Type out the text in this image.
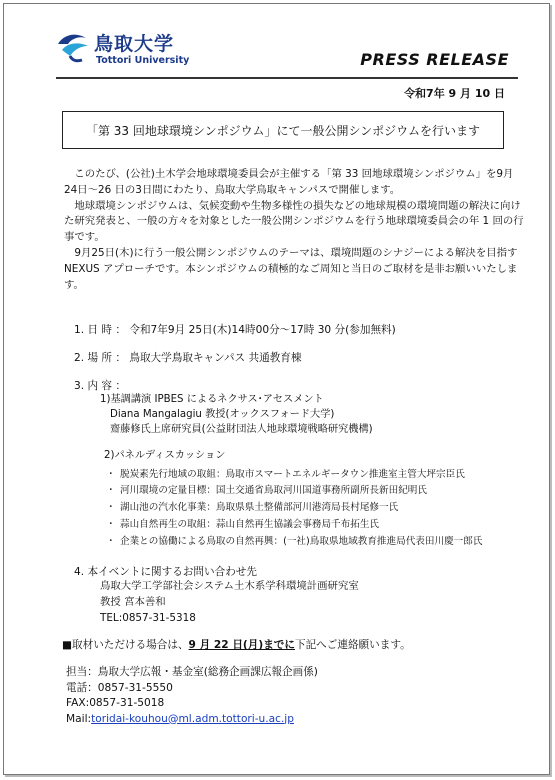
鳥取大学
Tottori University	PRESS RELEASE
令和7年 9 月 10 日
「第 33 回地球環境シンポジウム」にて一般公開シンポジウムを行います

このたび、(公社)土木学会地球環境委員会が主催する「第 33 回地球環境シンポジウム」を9月24日～26 日の3日間にわたり、鳥取大学鳥取キャンパスで開催します。

地球環境シンポジウムは、気候変動や生物多様性の損失などの地球規模の環境問題の解決に向けた研究発表と、一般の方々を対象とした一般公開シンポジウムを行う地球環境委員会の年 1 回の行事です。

9月25日(木)に行う一般公開シンポジウムのテーマは、環境問題のシナジーによる解決を目指す NEXUS アプローチです。本シンポジウムの積極的なご周知と当日のご取材を是非お願いいたします。

1. 日 時 ： 令和7年9月 25日(木)14時00分～17時 30 分(参加無料)
2. 場 所 ： 鳥取大学鳥取キャンパス 共通教育棟
3. 内 容 ：
1)基調講演 IPBES によるネクサス･アセスメント
Diana Mangalagiu 教授(オックスフォード大学)
齋藤修氏上席研究員(公益財団法人地球環境戦略研究機構)
2)パネルディスカッション
・ 脱炭素先行地域の取組：鳥取市スマートエネルギータウン推進室主管大坪宗臣氏
・ 河川環境の定量目標：国土交通省鳥取河川国道事務所副所長新田紀明氏
・ 湖山池の汽水化事業：鳥取県県土整備部河川港湾局長村尾修一氏
・ 蒜山自然再生の取組：蒜山自然再生協議会事務局千布拓生氏
・ 企業との協働による鳥取の自然再興：(一社)鳥取県地域教育推進局代表田川慶一郎氏
4. 本イベントに関するお問い合わせ先
鳥取大学工学部社会システム土木系学科環境計画研究室
教授 宮本善和
TEL:0857-31-5318
■取材いただける場合は、9 月 22 日(月)までに下記へご連絡願います。
担当：鳥取大学広報・基金室(総務企画課広報企画係)
電話：0857-31-5550
FAX:0857-31-5018
Mail:toridai-kouhou@ml.adm.tottori-u.ac.jp
